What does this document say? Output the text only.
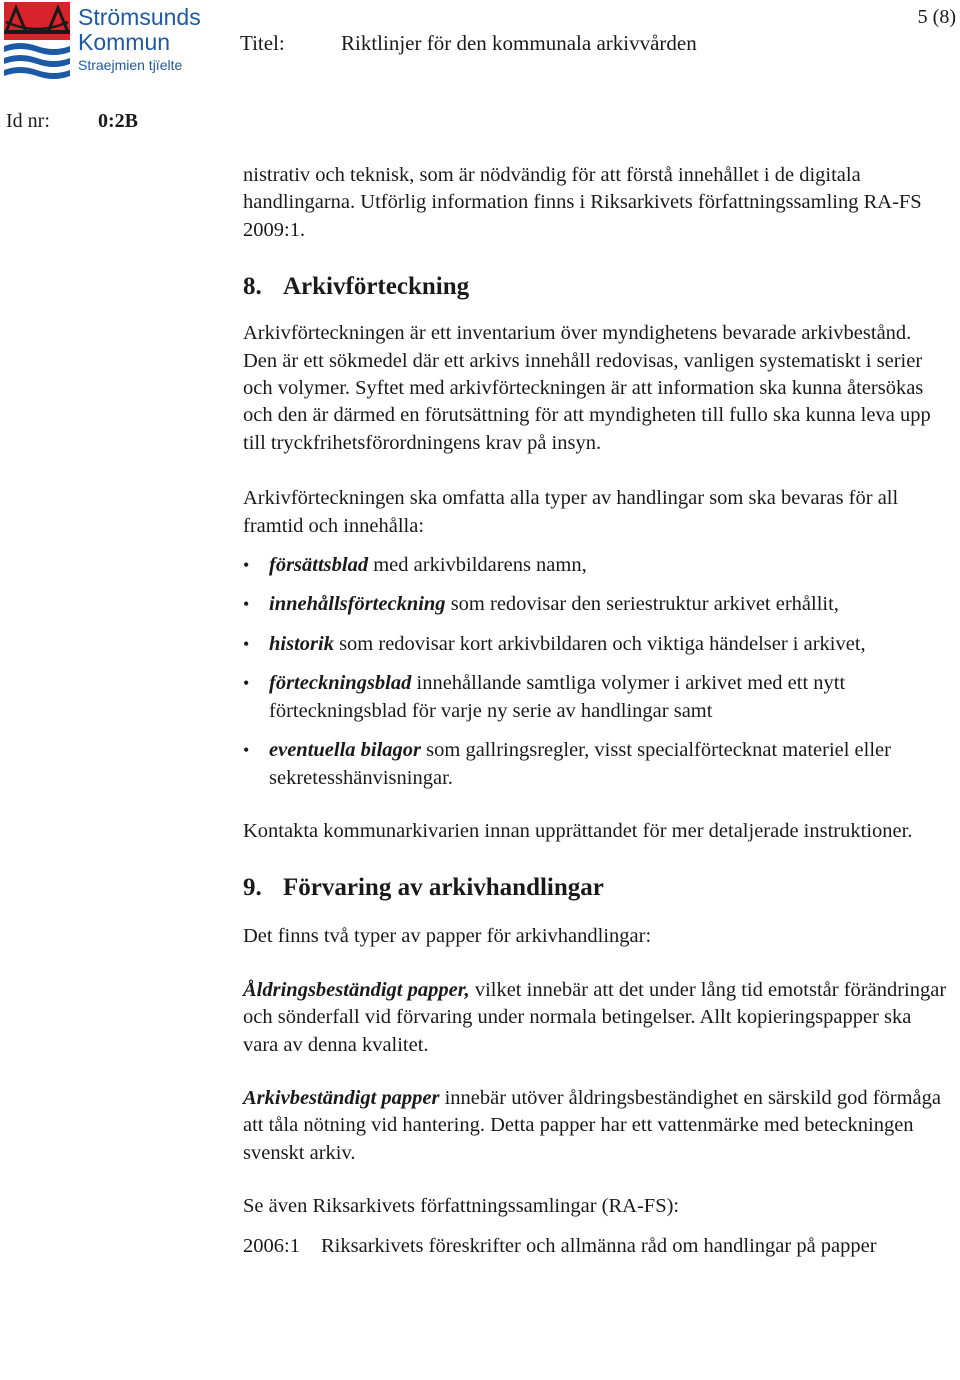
Strömsunds
Kommun
Straejmien tjïelte
5 (8)
Titel:	Riktlinjer för den kommunala arkivvården
Id nr: 0:2B

nistrativ och teknisk, som är nödvändig för att förstå innehållet i de digitala handlingarna. Utförlig information finns i Riksarkivets författningssamling RA-FS 2009:1.

8. Arkivförteckning

Arkivförteckningen är ett inventarium över myndighetens bevarade arkivbestånd. Den är ett sökmedel där ett arkivs innehåll redovisas, vanligen systematiskt i serier och volymer. Syftet med arkivförteckningen är att information ska kunna återsökas och den är därmed en förutsättning för att myndigheten till fullo ska kunna leva upp till tryckfrihetsförordningens krav på insyn.

Arkivförteckningen ska omfatta alla typer av handlingar som ska bevaras för all framtid och innehålla:

• försättsblad med arkivbildarens namn,
• innehållsförteckning som redovisar den seriestruktur arkivet erhållit,
• historik som redovisar kort arkivbildaren och viktiga händelser i arkivet,
• förteckningsblad innehållande samtliga volymer i arkivet med ett nytt förteckningsblad för varje ny serie av handlingar samt
• eventuella bilagor som gallringsregler, visst specialförtecknat materiel eller sekretesshänvisningar.

Kontakta kommunarkivarien innan upprättandet för mer detaljerade instruktioner.

9. Förvaring av arkivhandlingar

Det finns två typer av papper för arkivhandlingar:

Åldringsbeständigt papper, vilket innebär att det under lång tid emotstår förändringar och sönderfall vid förvaring under normala betingelser. Allt kopieringspapper ska vara av denna kvalitet.

Arkivbeständigt papper innebär utöver åldringsbeständighet en särskild god förmåga att tåla nötning vid hantering. Detta papper har ett vattenmärke med beteckningen svenskt arkiv.

Se även Riksarkivets författningssamlingar (RA-FS):

2006:1 Riksarkivets föreskrifter och allmänna råd om handlingar på papper
